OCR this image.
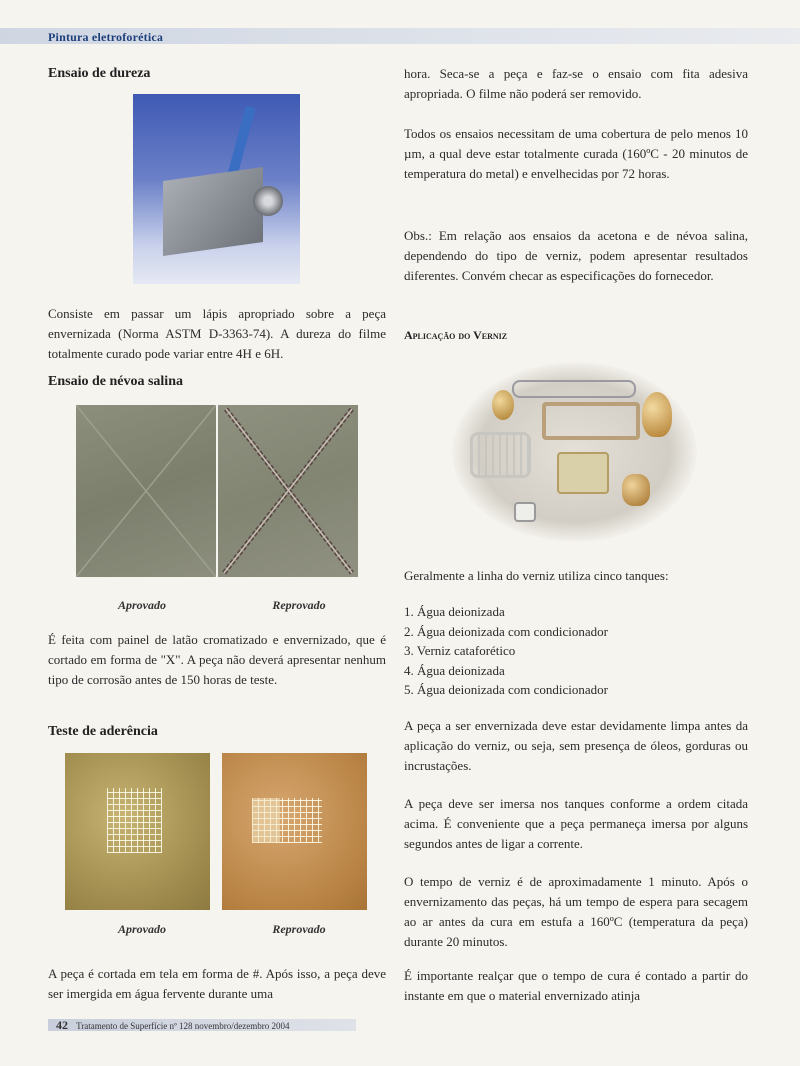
Pintura eletroforética
Ensaio de dureza

Consiste em passar um lápis apropriado sobre a peça envernizada (Norma ASTM D-3363-74). A dureza do filme totalmente curado pode variar entre 4H e 6H.

Ensaio de névoa salina
Aprovado	Reprovado

É feita com painel de latão cromatizado e envernizado, que é cortado em forma de "X". A peça não deverá apresentar nenhum tipo de corrosão antes de 150 horas de teste.

Teste de aderência
Aprovado	Reprovado

A peça é cortada em tela em forma de #. Após isso, a peça deve ser imergida em água fervente durante uma

hora. Seca-se a peça e faz-se o ensaio com fita adesiva apropriada. O filme não poderá ser removido.

Todos os ensaios necessitam de uma cobertura de pelo menos 10 µm, a qual deve estar totalmente curada (160ºC - 20 minutos de temperatura do metal) e envelhecidas por 72 horas.

Obs.: Em relação aos ensaios da acetona e de névoa salina, dependendo do tipo de verniz, podem apresentar resultados diferentes. Convém checar as especificações do fornecedor.

Aplicação do Verniz

Geralmente a linha do verniz utiliza cinco tanques:

1. Água deionizada
2. Água deionizada com condicionador
3. Verniz cataforético
4. Água deionizada
5. Água deionizada com condicionador

A peça a ser envernizada deve estar devidamente limpa antes da aplicação do verniz, ou seja, sem presença de óleos, gorduras ou incrustações.

A peça deve ser imersa nos tanques conforme a ordem citada acima. É conveniente que a peça permaneça imersa por alguns segundos antes de ligar a corrente.

O tempo de verniz é de aproximadamente 1 minuto. Após o envernizamento das peças, há um tempo de espera para secagem ao ar antes da cura em estufa a 160ºC (temperatura da peça) durante 20 minutos.

É importante realçar que o tempo de cura é contado a partir do instante em que o material envernizado atinja

42 Tratamento de Superfície nº 128 novembro/dezembro 2004
